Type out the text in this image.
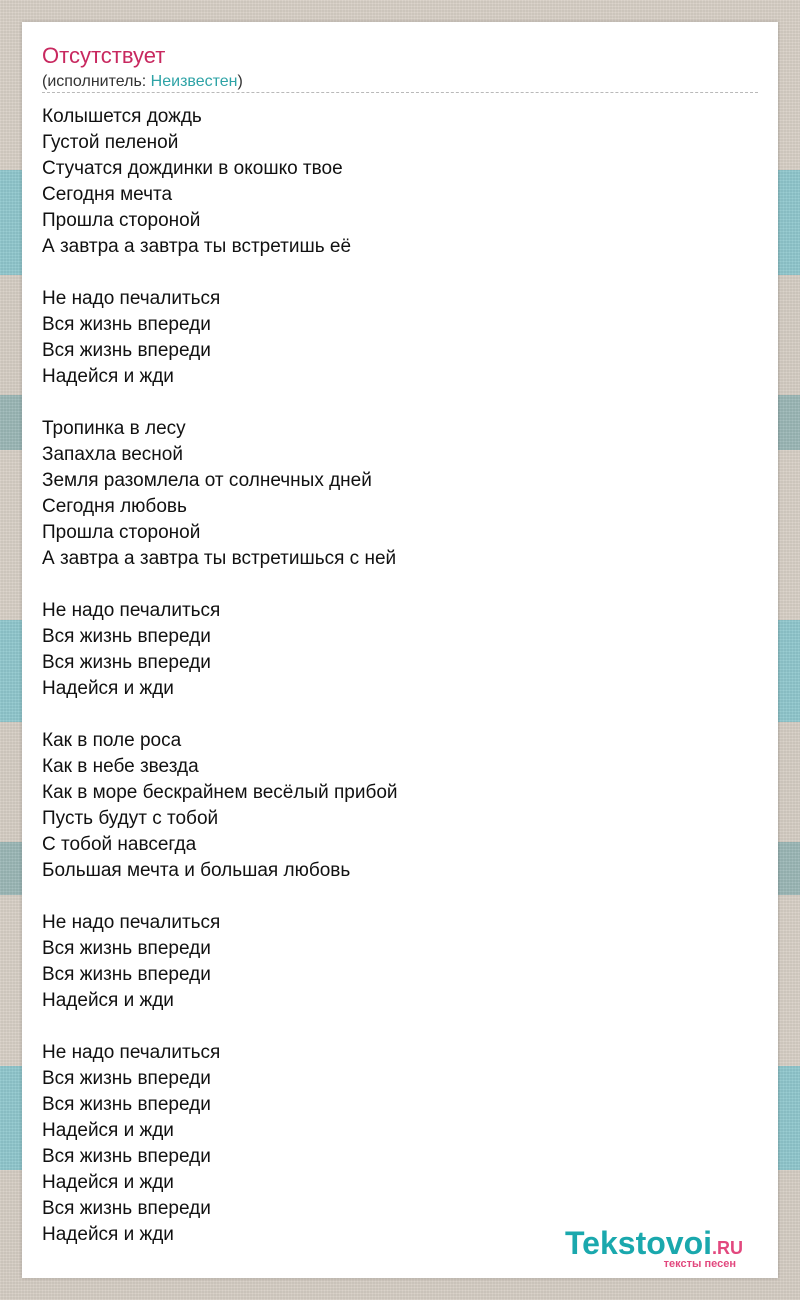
Отсутствует
(исполнитель: Неизвестен)
Колышется дождь
Густой пеленой
Стучатся дождинки в окошко твое
Сегодня мечта
Прошла стороной
А завтра а завтра ты встретишь её
Не надо печалиться
Вся жизнь впереди
Вся жизнь впереди
Надейся и жди
Тропинка в лесу
Запахла весной
Земля разомлела от солнечных дней
Сегодня любовь
Прошла стороной
А завтра а завтра ты встретишься с ней
Не надо печалиться
Вся жизнь впереди
Вся жизнь впереди
Надейся и жди
Как в поле роса
Как в небе звезда
Как в море бескрайнем весёлый прибой
Пусть будут с тобой
С тобой навсегда
Большая мечта и большая любовь
Не надо печалиться
Вся жизнь впереди
Вся жизнь впереди
Надейся и жди
Не надо печалиться
Вся жизнь впереди
Вся жизнь впереди
Надейся и жди
Вся жизнь впереди
Надейся и жди
Вся жизнь впереди
Надейся и жди	Tekstovoi.RU
тексты песен
